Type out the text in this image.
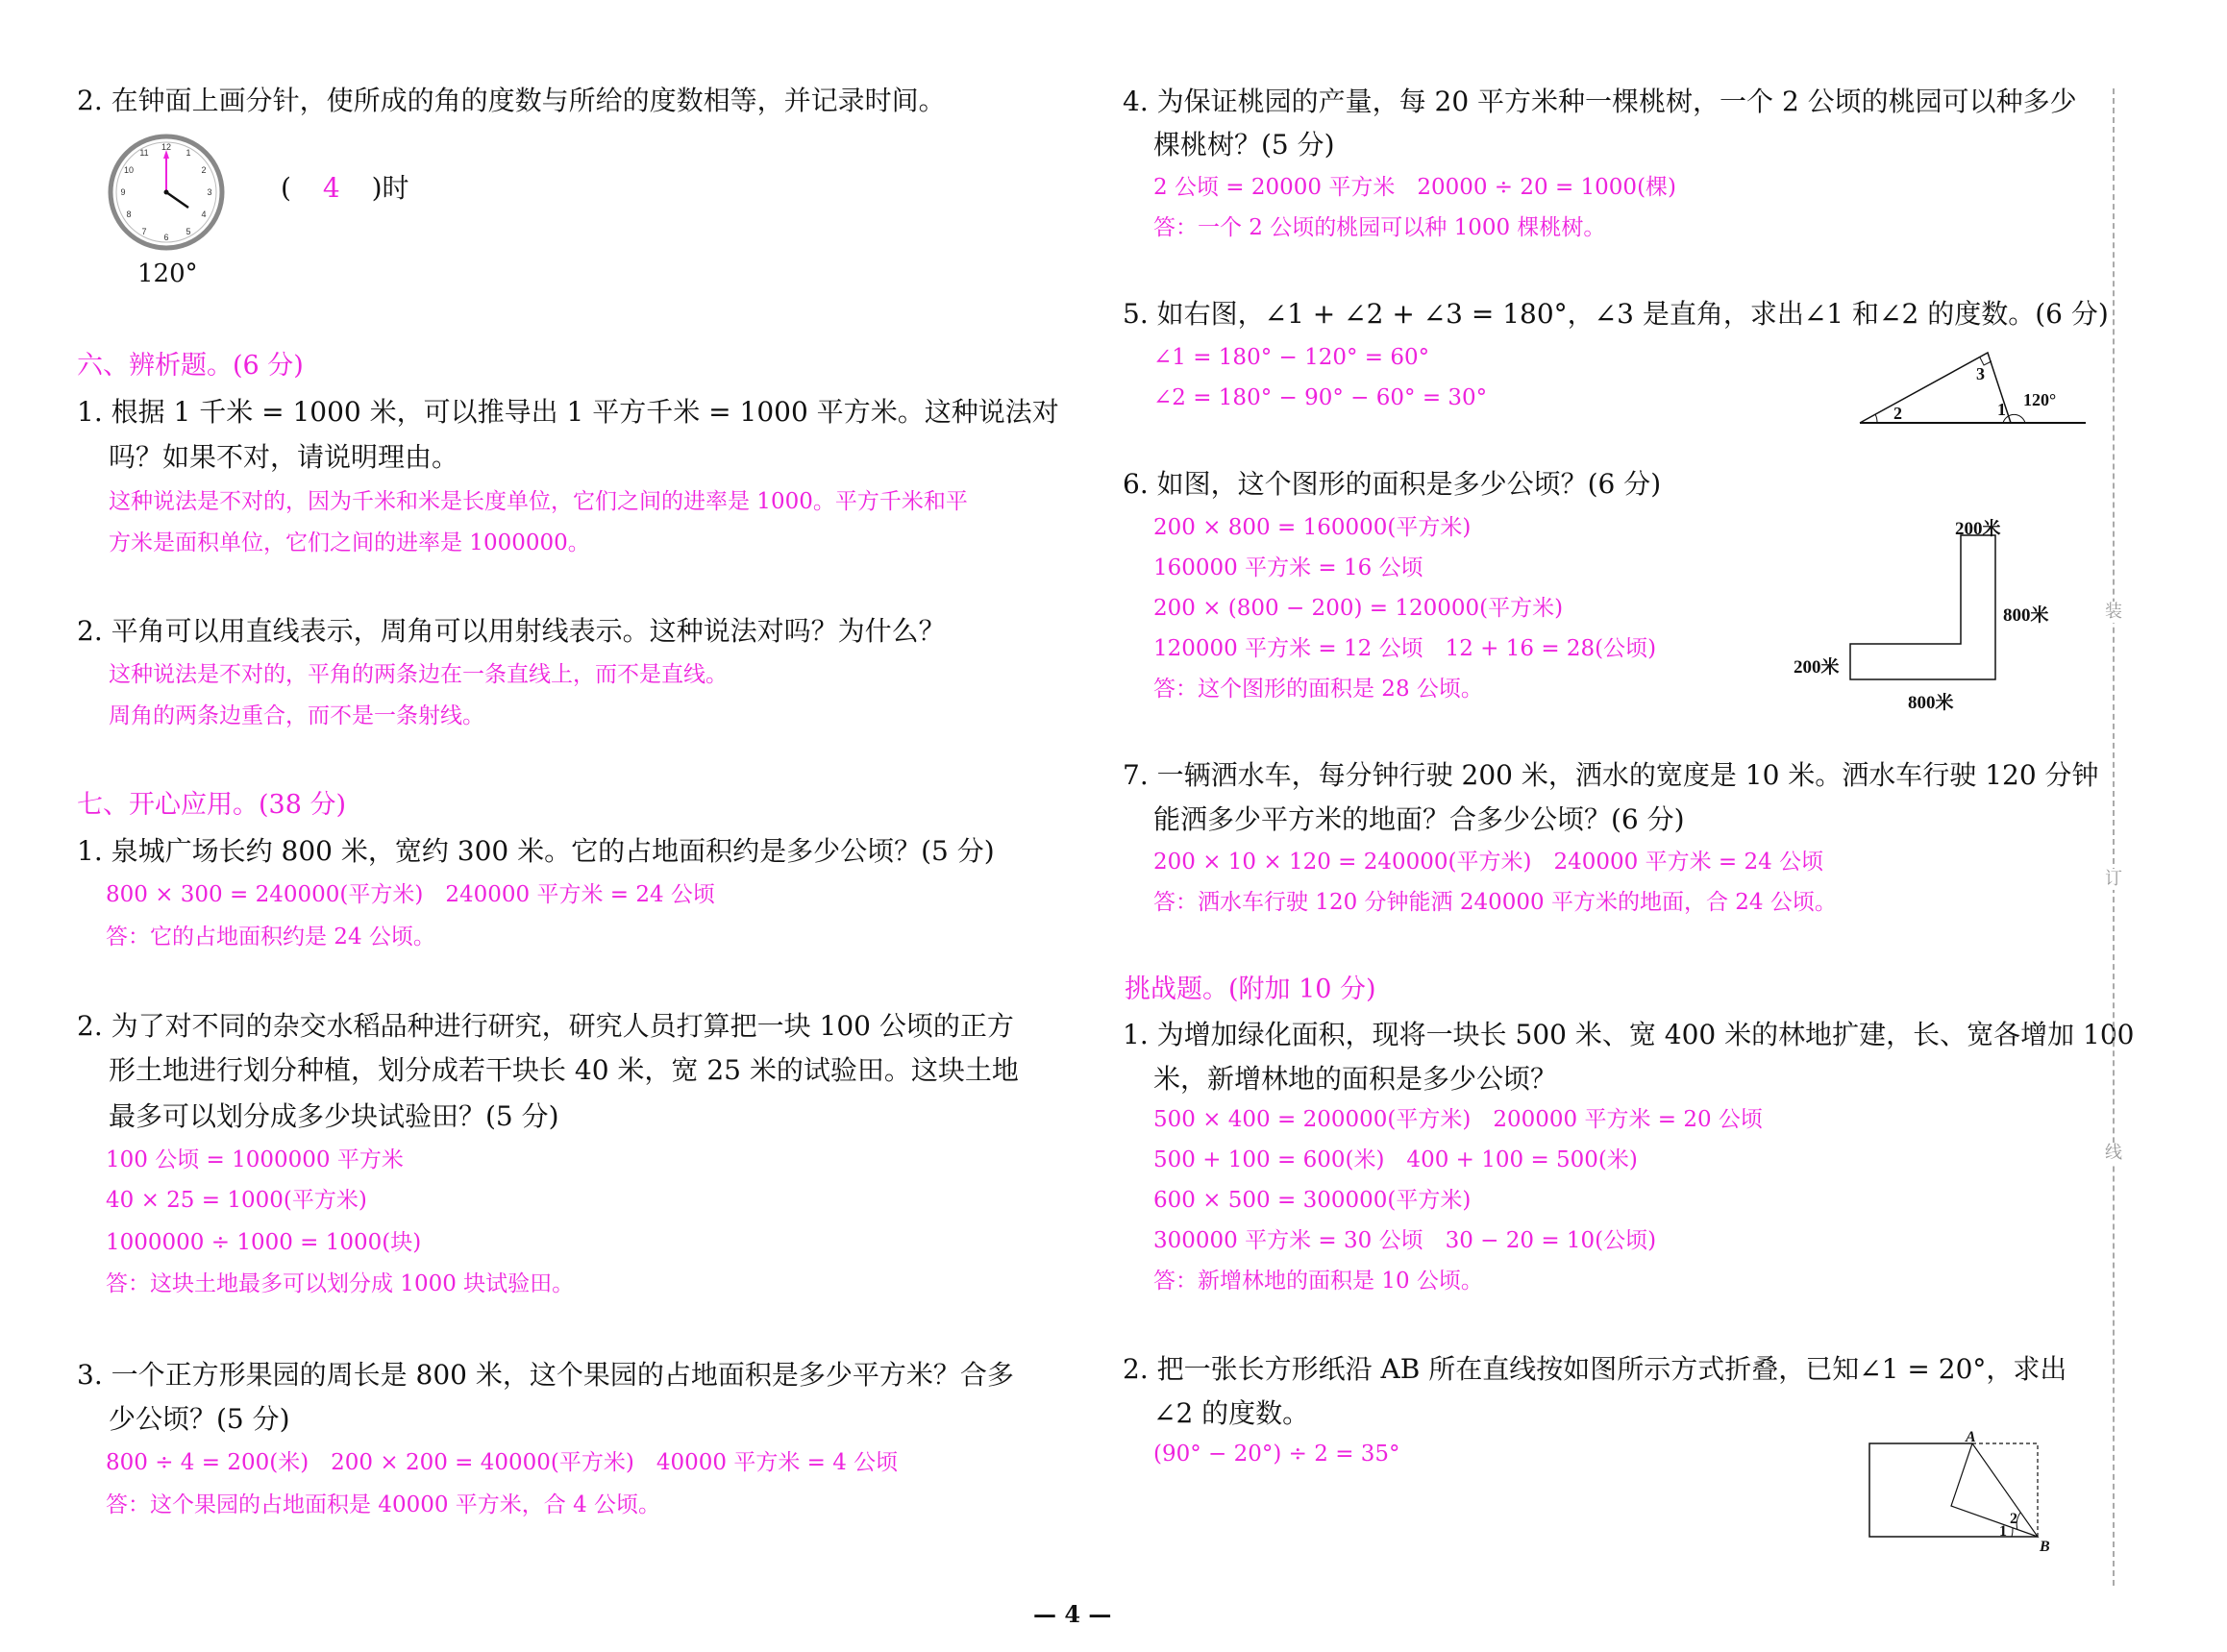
2. 在钟面上画分针，使所成的角的度数与所给的度数相等，并记录时间。
12
1
2
3
4
5
6
7
8
9
10
11
( 4 )时
120°
六、辨析题。(6 分)
1. 根据 1 千米 = 1000 米，可以推导出 1 平方千米 = 1000 平方米。这种说法对
吗？如果不对，请说明理由。
这种说法是不对的，因为千米和米是长度单位，它们之间的进率是 1000。平方千米和平
方米是面积单位，它们之间的进率是 1000000。
2. 平角可以用直线表示，周角可以用射线表示。这种说法对吗？为什么？
这种说法是不对的，平角的两条边在一条直线上，而不是直线。
周角的两条边重合，而不是一条射线。
七、开心应用。(38 分)
1. 泉城广场长约 800 米，宽约 300 米。它的占地面积约是多少公顷？(5 分)
800 × 300 = 240000(平方米)　240000 平方米 = 24 公顷
答：它的占地面积约是 24 公顷。
2. 为了对不同的杂交水稻品种进行研究，研究人员打算把一块 100 公顷的正方
形土地进行划分种植，划分成若干块长 40 米，宽 25 米的试验田。这块土地
最多可以划分成多少块试验田？(5 分)
100 公顷 = 1000000 平方米
40 × 25 = 1000(平方米)
1000000 ÷ 1000 = 1000(块)
答：这块土地最多可以划分成 1000 块试验田。
3. 一个正方形果园的周长是 800 米，这个果园的占地面积是多少平方米？合多
少公顷？(5 分)
800 ÷ 4 = 200(米)　200 × 200 = 40000(平方米)　40000 平方米 = 4 公顷
答：这个果园的占地面积是 40000 平方米，合 4 公顷。
4. 为保证桃园的产量，每 20 平方米种一棵桃树，一个 2 公顷的桃园可以种多少
棵桃树？(5 分)
2 公顷 = 20000 平方米　20000 ÷ 20 = 1000(棵)
答：一个 2 公顷的桃园可以种 1000 棵桃树。
5. 如右图，∠1 + ∠2 + ∠3 = 180°，∠3 是直角，求出∠1 和∠2 的度数。(6 分)
∠1 = 180° − 120° = 60°
∠2 = 180° − 90° − 60° = 30°
2
3
1 120°
6. 如图，这个图形的面积是多少公顷？(6 分)
200 × 800 = 160000(平方米)
160000 平方米 = 16 公顷
200 × (800 − 200) = 120000(平方米)
120000 平方米 = 12 公顷　12 + 16 = 28(公顷)
答：这个图形的面积是 28 公顷。
200米
800米
200米
800米
7. 一辆洒水车，每分钟行驶 200 米，洒水的宽度是 10 米。洒水车行驶 120 分钟
能洒多少平方米的地面？合多少公顷？(6 分)
200 × 10 × 120 = 240000(平方米)　240000 平方米 = 24 公顷
答：洒水车行驶 120 分钟能洒 240000 平方米的地面，合 24 公顷。
挑战题。(附加 10 分)
1. 为增加绿化面积，现将一块长 500 米、宽 400 米的林地扩建，长、宽各增加 100
米，新增林地的面积是多少公顷？
500 × 400 = 200000(平方米)　200000 平方米 = 20 公顷
500 + 100 = 600(米)　400 + 100 = 500(米)
600 × 500 = 300000(平方米)
300000 平方米 = 30 公顷　30 − 20 = 10(公顷)
答：新增林地的面积是 10 公顷。
2. 把一张长方形纸沿 AB 所在直线按如图所示方式折叠，已知∠1 = 20°，求出
∠2 的度数。
(90° − 20°) ÷ 2 = 35°
A
B
1
2
装
订
线
— 4 —
